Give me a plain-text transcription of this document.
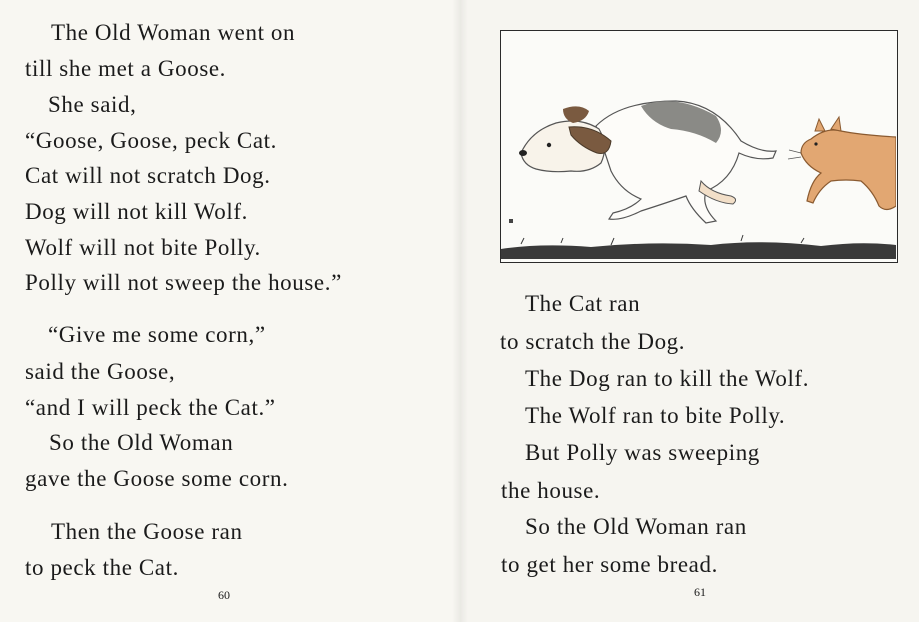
The Old Woman went on
till she met a Goose.
She said,
“Goose, Goose, peck Cat.
Cat will not scratch Dog.
Dog will not kill Wolf.
Wolf will not bite Polly.
Polly will not sweep the house.”
“Give me some corn,”
said the Goose,
“and I will peck the Cat.”
So the Old Woman
gave the Goose some corn.
Then the Goose ran
to peck the Cat.
60
The Cat ran
to scratch the Dog.
The Dog ran to kill the Wolf.
The Wolf ran to bite Polly.
But Polly was sweeping
the house.
So the Old Woman ran
to get her some bread.
61
